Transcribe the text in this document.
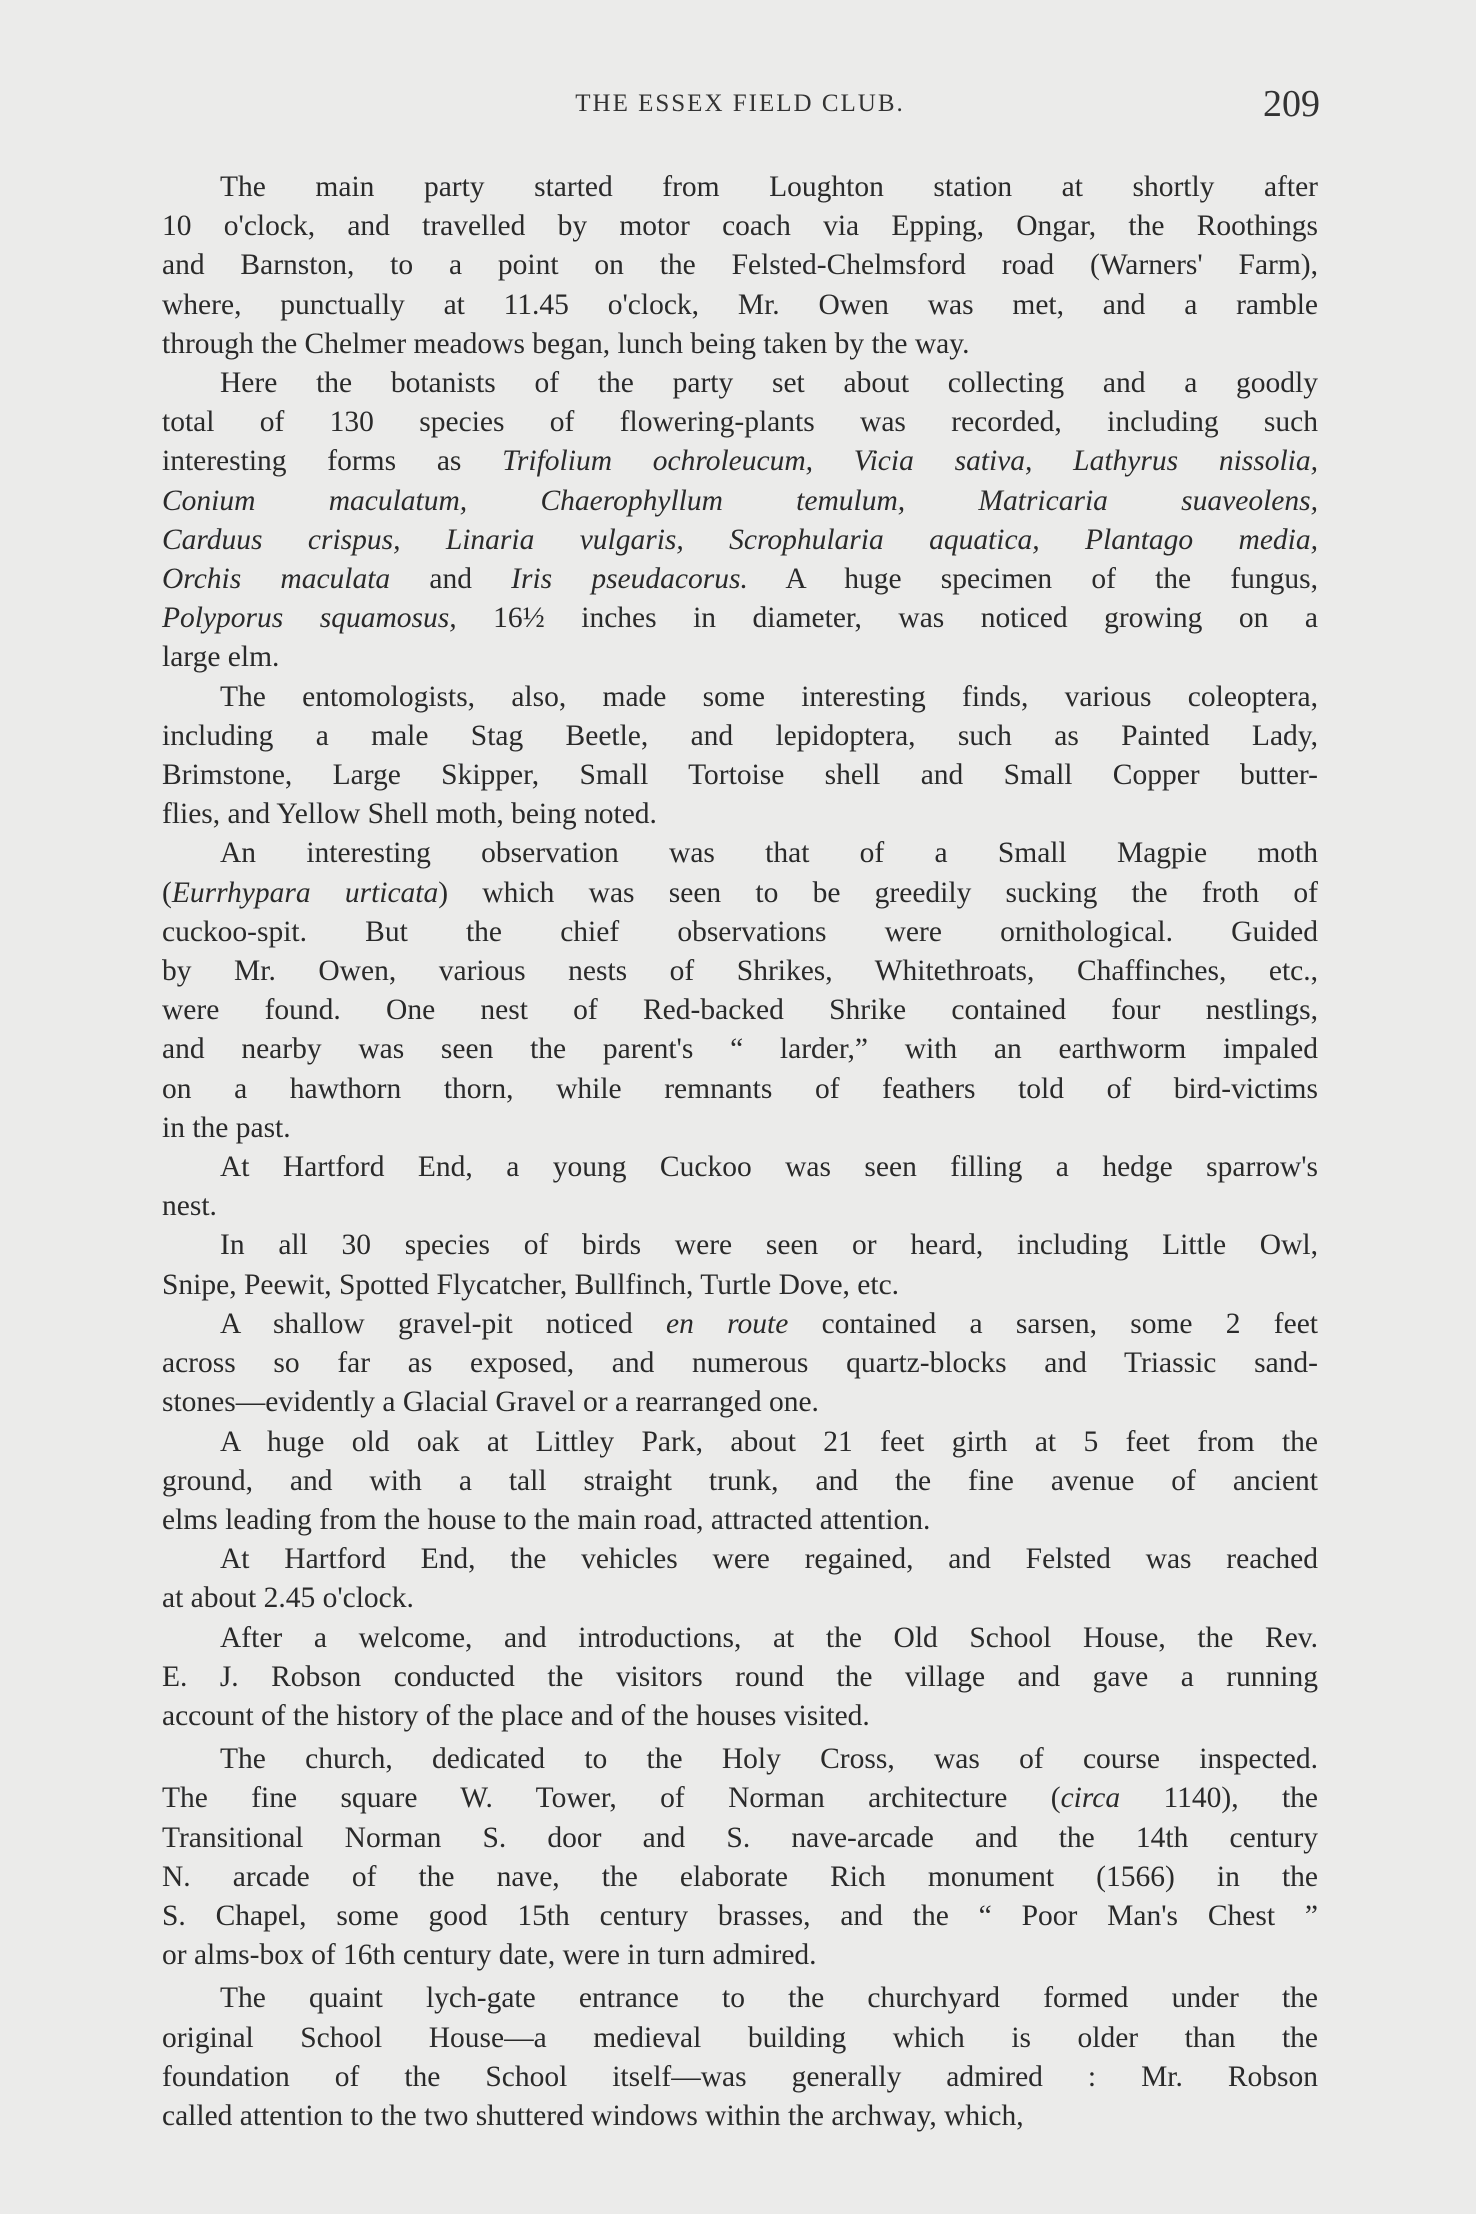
THE ESSEX FIELD CLUB.	209
The main party started from Loughton station at shortly after
10 o'clock, and travelled by motor coach via Epping, Ongar, the Roothings
and Barnston, to a point on the Felsted-Chelmsford road (Warners' Farm),
where, punctually at 11.45 o'clock, Mr. Owen was met, and a ramble
through the Chelmer meadows began, lunch being taken by the way.
Here the botanists of the party set about collecting and a goodly
total of 130 species of flowering-plants was recorded, including such
interesting forms as Trifolium ochroleucum, Vicia sativa, Lathyrus nissolia,
Conium maculatum, Chaerophyllum temulum, Matricaria suaveolens,
Carduus crispus, Linaria vulgaris, Scrophularia aquatica, Plantago media,
Orchis maculata and Iris pseudacorus. A huge specimen of the fungus,
Polyporus squamosus, 16½ inches in diameter, was noticed growing on a
large elm.
The entomologists, also, made some interesting finds, various coleoptera,
including a male Stag Beetle, and lepidoptera, such as Painted Lady,
Brimstone, Large Skipper, Small Tortoise shell and Small Copper butter-
flies, and Yellow Shell moth, being noted.
An interesting observation was that of a Small Magpie moth
(Eurrhypara urticata) which was seen to be greedily sucking the froth of
cuckoo-spit. But the chief observations were ornithological. Guided
by Mr. Owen, various nests of Shrikes, Whitethroats, Chaffinches, etc.,
were found. One nest of Red-backed Shrike contained four nestlings,
and nearby was seen the parent's “ larder,” with an earthworm impaled
on a hawthorn thorn, while remnants of feathers told of bird-victims
in the past.
At Hartford End, a young Cuckoo was seen filling a hedge sparrow's
nest.
In all 30 species of birds were seen or heard, including Little Owl,
Snipe, Peewit, Spotted Flycatcher, Bullfinch, Turtle Dove, etc.
A shallow gravel-pit noticed en route contained a sarsen, some 2 feet
across so far as exposed, and numerous quartz-blocks and Triassic sand-
stones—evidently a Glacial Gravel or a rearranged one.
A huge old oak at Littley Park, about 21 feet girth at 5 feet from the
ground, and with a tall straight trunk, and the fine avenue of ancient
elms leading from the house to the main road, attracted attention.
At Hartford End, the vehicles were regained, and Felsted was reached
at about 2.45 o'clock.
After a welcome, and introductions, at the Old School House, the Rev.
E. J. Robson conducted the visitors round the village and gave a running
account of the history of the place and of the houses visited.
The church, dedicated to the Holy Cross, was of course inspected.
The fine square W. Tower, of Norman architecture (circa 1140), the
Transitional Norman S. door and S. nave-arcade and the 14th century
N. arcade of the nave, the elaborate Rich monument (1566) in the
S. Chapel, some good 15th century brasses, and the “ Poor Man's Chest ”
or alms-box of 16th century date, were in turn admired.
The quaint lych-gate entrance to the churchyard formed under the
original School House—a medieval building which is older than the
foundation of the School itself—was generally admired : Mr. Robson
called attention to the two shuttered windows within the archway, which,
